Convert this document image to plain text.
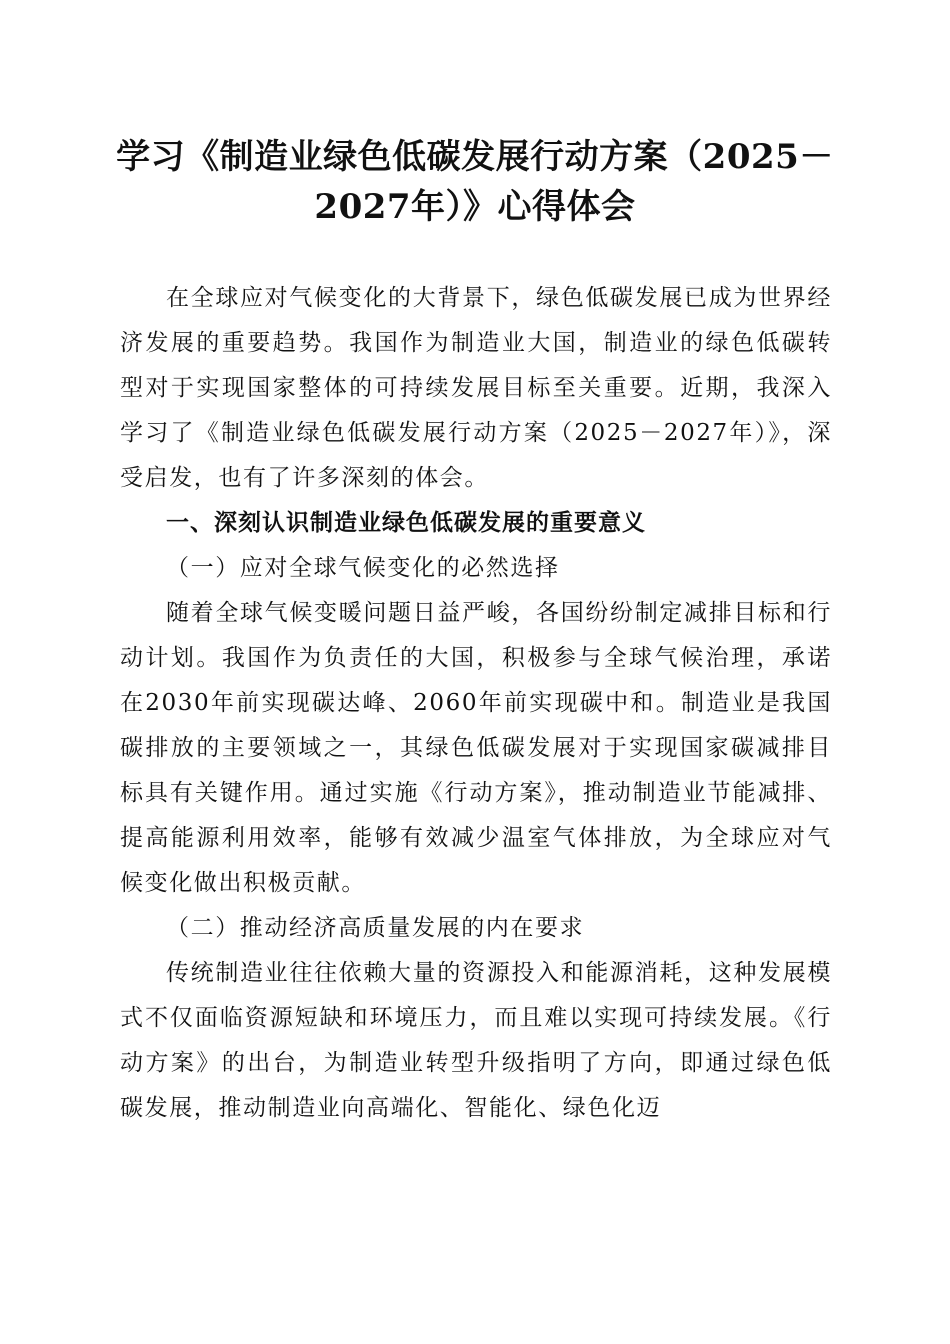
学习《制造业绿色低碳发展行动方案（2025－
2027年）》心得体会

在全球应对气候变化的大背景下，绿色低碳发展已成为世界经济发展的重要趋势。我国作为制造业大国，制造业的绿色低碳转型对于实现国家整体的可持续发展目标至关重要。近期，我深入学习了《制造业绿色低碳发展行动方案（2025－2027年）》，深受启发，也有了许多深刻的体会。

一、深刻认识制造业绿色低碳发展的重要意义

（一）应对全球气候变化的必然选择

随着全球气候变暖问题日益严峻，各国纷纷制定减排目标和行动计划。我国作为负责任的大国，积极参与全球气候治理，承诺在2030年前实现碳达峰、2060年前实现碳中和。制造业是我国碳排放的主要领域之一，其绿色低碳发展对于实现国家碳减排目标具有关键作用。通过实施《行动方案》，推动制造业节能减排、提高能源利用效率，能够有效减少温室气体排放，为全球应对气候变化做出积极贡献。

（二）推动经济高质量发展的内在要求

传统制造业往往依赖大量的资源投入和能源消耗，这种发展模式不仅面临资源短缺和环境压力，而且难以实现可持续发展。《行动方案》的出台，为制造业转型升级指明了方向，即通过绿色低碳发展，推动制造业向高端化、智能化、绿色化迈
